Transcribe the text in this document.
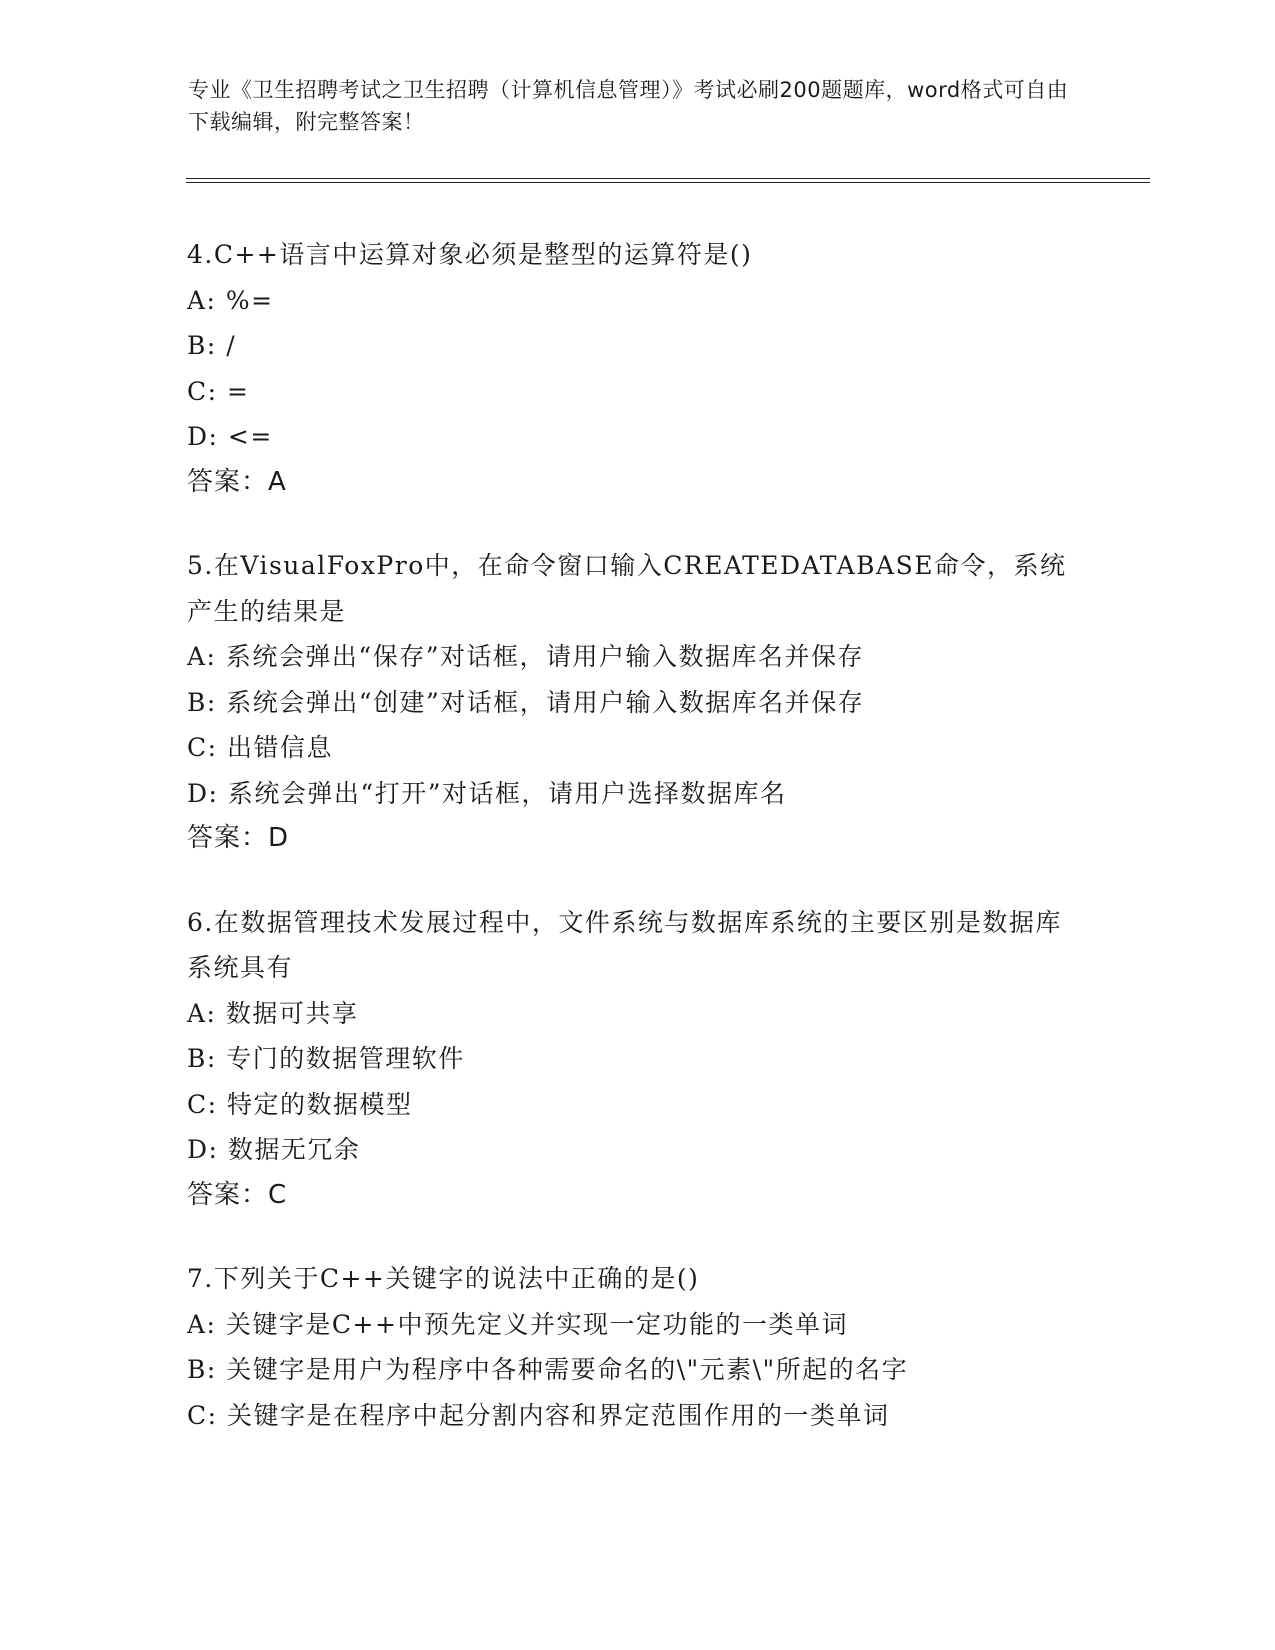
专业《卫生招聘考试之卫生招聘（计算机信息管理）》考试必刷200题题库，word格式可自由下载编辑，附完整答案！
4.C++语言中运算对象必须是整型的运算符是()
A: %=
B: /
C: =
D: <=
答案：A
5.在VisualFoxPro中，在命令窗口输入CREATEDATABASE命令，系统产生的结果是
A: 系统会弹出“保存”对话框，请用户输入数据库名并保存
B: 系统会弹出“创建”对话框，请用户输入数据库名并保存
C: 出错信息
D: 系统会弹出“打开”对话框，请用户选择数据库名
答案：D
6.在数据管理技术发展过程中，文件系统与数据库系统的主要区别是数据库系统具有
A: 数据可共享
B: 专门的数据管理软件
C: 特定的数据模型
D: 数据无冗余
答案：C
7.下列关于C++关键字的说法中正确的是()
A: 关键字是C++中预先定义并实现一定功能的一类单词
B: 关键字是用户为程序中各种需要命名的\"元素\"所起的名字
C: 关键字是在程序中起分割内容和界定范围作用的一类单词
